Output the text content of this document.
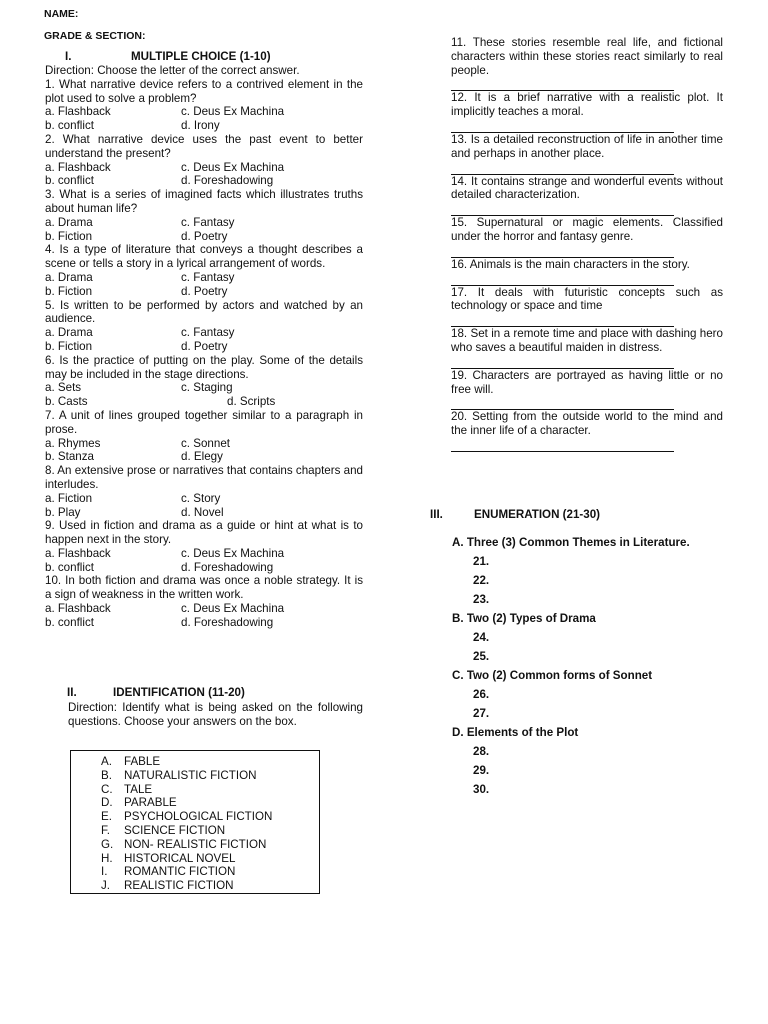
NAME:
GRADE & SECTION:
I.	MULTIPLE CHOICE (1-10)

Direction: Choose the letter of the correct answer.

1. What narrative device refers to a contrived element in the plot used to solve a problem?

a. Flashback	c. Deus Ex Machina
b. conflict	d. Irony

2. What narrative device uses the past event to better understand the present?

a. Flashback	c. Deus Ex Machina
b. conflict	d. Foreshadowing

3. What is a series of imagined facts which illustrates truths about human life?

a. Drama	c. Fantasy
b. Fiction	d. Poetry

4. Is a type of literature that conveys a thought describes a scene or tells a story in a lyrical arrangement of words.

a. Drama	c. Fantasy
b. Fiction	d. Poetry

5. Is written to be performed by actors and watched by an audience.

a. Drama	c. Fantasy
b. Fiction	d. Poetry

6. Is the practice of putting on the play. Some of the details may be included in the stage directions.

a. Sets	c. Staging
b. Casts	d. Scripts

7. A unit of lines grouped together similar to a paragraph in prose.

a. Rhymes	c. Sonnet
b. Stanza	d. Elegy

8. An extensive prose or narratives that contains chapters and interludes.

a. Fiction	c. Story
b. Play	d. Novel

9. Used in fiction and drama as a guide or hint at what is to happen next in the story.

a. Flashback	c. Deus Ex Machina
b. conflict	d. Foreshadowing

10. In both fiction and drama was once a noble strategy. It is a sign of weakness in the written work.

a. Flashback	c. Deus Ex Machina
b. conflict	d. Foreshadowing
II.	IDENTIFICATION (11-20)
Direction: Identify what is being asked on the following questions. Choose your answers on the box.
A.	FABLE
B.	NATURALISTIC FICTION
C. TALE
D. PARABLE
E.	PSYCHOLOGICAL FICTION
F.	SCIENCE FICTION
G. NON- REALISTIC FICTION
H. HISTORICAL NOVEL
I.	ROMANTIC FICTION
J.	REALISTIC FICTION

11. These stories resemble real life, and fictional characters within these stories react similarly to real people.

12. It is a brief narrative with a realistic plot. It implicitly teaches a moral.

13. Is a detailed reconstruction of life in another time and perhaps in another place.

14. It contains strange and wonderful events without detailed characterization.

15. Supernatural or magic elements. Classified under the horror and fantasy genre.

16. Animals is the main characters in the story.

17. It deals with futuristic concepts such as technology or space and time

18. Set in a remote time and place with dashing hero who saves a beautiful maiden in distress.

19. Characters are portrayed as having little or no free will.

20. Setting from the outside world to the mind and the inner life of a character.

III.	ENUMERATION (21-30)
A. Three (3) Common Themes in Literature.
21.
22.
23.
B. Two (2) Types of Drama
24.
25.
C. Two (2) Common forms of Sonnet
26.
27.
D. Elements of the Plot
28.
29.
30.
